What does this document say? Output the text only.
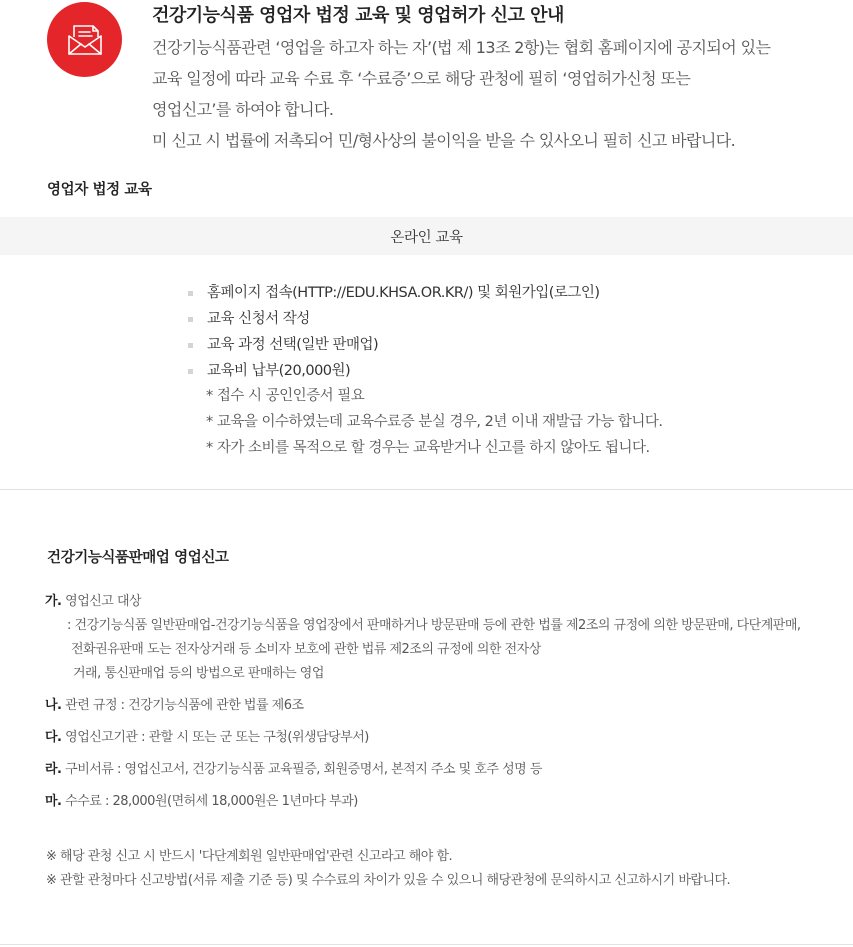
건강기능식품 영업자 법정 교육 및 영업허가 신고 안내

건강기능식품관련 ‘영업을 하고자 하는 자’(법 제 13조 2항)는 협회 홈페이지에 공지되어 있는

교육 일정에 따라 교육 수료 후 ‘수료증’으로 해당 관청에 필히 ‘영업허가신청 또는

영업신고’를 하여야 합니다.

미 신고 시 법률에 저촉되어 민/형사상의 불이익을 받을 수 있사오니 필히 신고 바랍니다.

영업자 법정 교육
온라인 교육
홈페이지 접속(HTTP://EDU.KHSA.OR.KR/) 및 회원가입(로그인)
교육 신청서 작성
교육 과정 선택(일반 판매업)
교육비 납부(20,000원)

* 접수 시 공인인증서 필요

* 교육을 이수하였는데 교육수료증 분실 경우, 2년 이내 재발급 가능 합니다.

* 자가 소비를 목적으로 할 경우는 교육받거나 신고를 하지 않아도 됩니다.

건강기능식품판매업 영업신고
가. 영업신고 대상
: 건강기능식품 일반판매업-건강기능식품을 영업장에서 판매하거나 방문판매 등에 관한 법률 제2조의 규정에 의한 방문판매, 다단계판매,
전화권유판매 도는 전자상거래 등 소비자 보호에 관한 법류 제2조의 규정에 의한 전자상
거래, 통신판매업 등의 방법으로 판매하는 영업
나. 관련 규정 : 건강기능식품에 관한 법률 제6조
다. 영업신고기관 : 관할 시 또는 군 또는 구청(위생담당부서)
라. 구비서류 : 영업신고서, 건강기능식품 교육필증, 회원증명서, 본적지 주소 및 호주 성명 등
마. 수수료 : 28,000원(면허세 18,000원은 1년마다 부과)

※ 해당 관청 신고 시 반드시 '다단계회원 일반판매업'관련 신고라고 해야 함.

※ 관할 관청마다 신고방법(서류 제출 기준 등) 및 수수료의 차이가 있을 수 있으니 해당관청에 문의하시고 신고하시기 바랍니다.
